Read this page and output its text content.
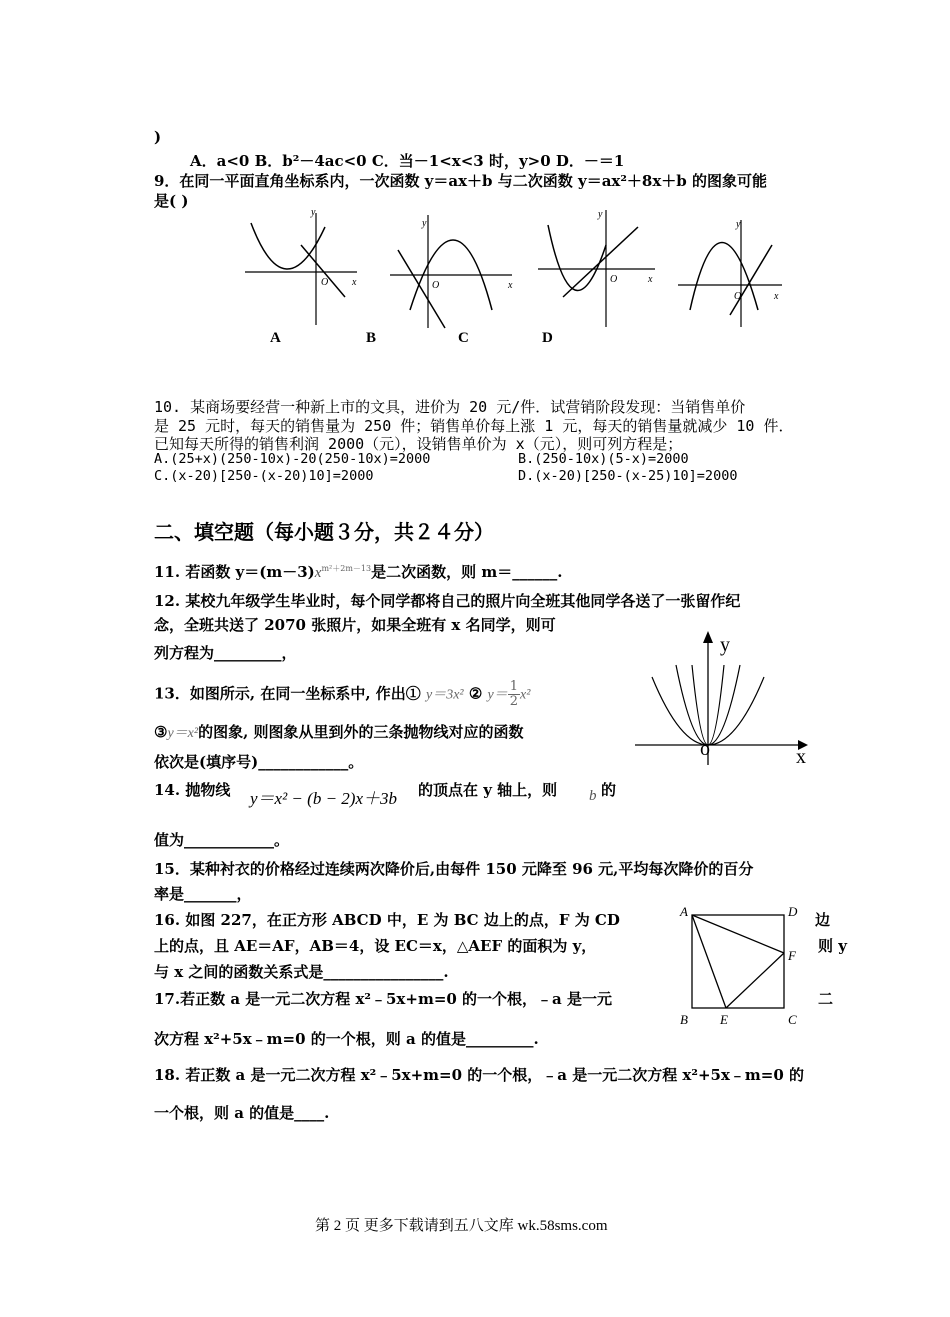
)
A．a<0 B．b²－4ac<0 C．当－1<x<3 时，y>0 D．－＝1
9．在同一平面直角坐标系内，一次函数 y＝ax＋b 与二次函数 y＝ax²＋8x＋b 的图象可能
是( )
y
x
O
y
x
O
y
x
O
y
x
O
A	B	C	D
10. 某商场要经营一种新上市的文具，进价为 20 元/件．试营销阶段发现：当销售单价
是 25 元时，每天的销售量为 250 件；销售单价每上涨 1 元，每天的销售量就减少 10 件．
已知每天所得的销售利润 2000（元），设销售单价为 x（元），则可列方程是；
A.(25+x)(250-10x)-20(250-10x)=2000	B.(250-10x)(5-x)=2000
C.(x-20)[250-(x-20)10]=2000	D.(x-20)[250-(x-25)10]=2000
二、填空题（每小题３分，共２４分）
11. 若函数 $y=(m-3)x^{m^2+2m-13}$是二次函数，则 m＝______.
12. 某校九年级学生毕业时，每个同学都将自己的照片向全班其他同学各送了一张留作纪
念，全班共送了 2070 张照片，如果全班有 x 名同学，则可
列方程为_________，	y
x
o
13．如图所示, 在同一坐标系中, 作出① y＝3x² ② $y= \frac{1}{2} x^2$
③y＝x²的图象, 则图象从里到外的三条抛物线对应的函数
依次是(填序号)____________。
14. 抛物线 y＝x² − (b − 2)x＋3b 的顶点在 y 轴上，则 b 的
值为____________。
15．某种衬衣的价格经过连续两次降价后,由每件 150 元降至 96 元,平均每次降价的百分
率是_______，
A	D
F
B E	C
16. 如图 227，在正方形 ABCD 中，E 为 BC 边上的点，F 为 CD	边
上的点，且 AE＝AF，AB＝4，设 EC＝x，△AEF 的面积为 y，	则 y
与 x 之间的函数关系式是________________.
17.若正数 a 是一元二次方程 x²﹣5x+m=0 的一个根，﹣a 是一元	二
次方程 x²+5x﹣m=0 的一个根，则 a 的值是_________.
18. 若正数 a 是一元二次方程 x²﹣5x+m=0 的一个根，﹣a 是一元二次方程 x²+5x﹣m=0 的
一个根，则 a 的值是____.
第 2 页 更多下载请到五八文库 wk.58sms.com
